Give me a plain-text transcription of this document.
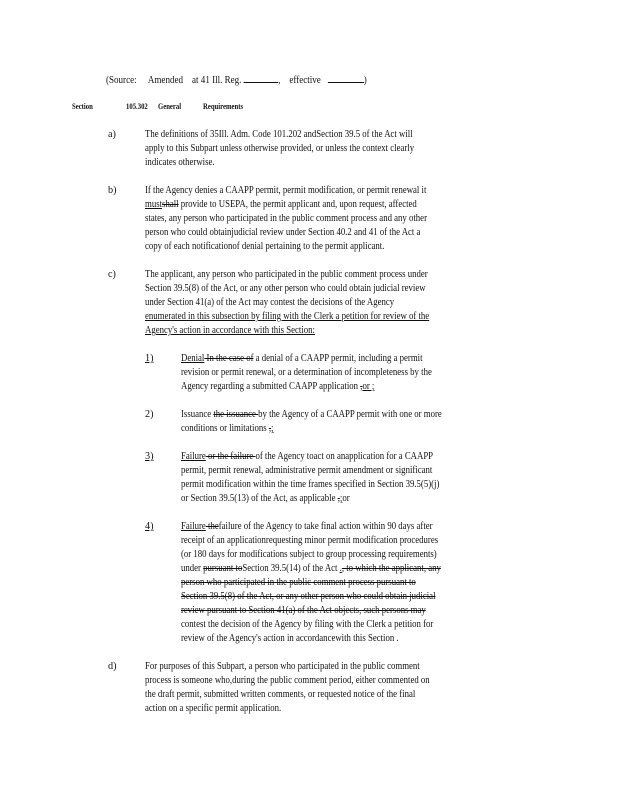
(Source: Amended at 41 Ill. Reg.	,    effective	)
Section	105.302 General	Requirements
a)	The definitions of 35Ill. Adm. Code 101.202 andSection 39.5 of the Act will
apply to this Subpart unless otherwise provided, or unless the context clearly
indicates otherwise.
b)	If the Agency denies a CAAPP permit, permit modification, or permit renewal it
mustshall provide to USEPA, the permit applicant and, upon request, affected
states, any person who participated in the public comment process and any other
person who could obtainjudicial review under Section 40.2 and 41 of the Act a
copy of each notificationof denial pertaining to the permit applicant.
c)	The applicant, any person who participated in the public comment process under
Section 39.5(8) of the Act, or any other person who could obtain judicial review
under Section 41(a) of the Act may contest the decisions of the Agency
enumerated in this subsection by filing with the Clerk a petition for review of the
Agency's action in accordance with this Section:
1)	Denial In the case of a denial of a CAAPP permit, including a permit
revision or permit renewal, or a determination of incompleteness by the
Agency regarding a submitted CAAPP application ,or ;
2)	Issuance the issuance by the Agency of a CAAPP permit with one or more
conditions or limitations ,;
3)	Failure or the failure of the Agency toact on anapplication for a CAAPP
permit, permit renewal, administrative permit amendment or significant
permit modification within the time frames specified in Section 39.5(5)(j)
or Section 39.5(13) of the Act, as applicable ,;or
4)	Failure thefailure of the Agency to take final action within 90 days after
receipt of an applicationrequesting minor permit modification procedures
(or 180 days for modifications subject to group processing requirements)
under pursuant toSection 39.5(14) of the Act ., to which the applicant, any
person who participated in the public comment process pursuant to
Section 39.5(8) of the Act, or any other person who could obtain judicial
review pursuant to Section 41(a) of the Act objects, such persons may
contest the decision of the Agency by filing with the Clerk a petition for
review of the Agency's action in accordancewith this Section .
d)	For purposes of this Subpart, a person who participated in the public comment
process is someone who,during the public comment period, either commented on
the draft permit, submitted written comments, or requested notice of the final
action on a specific permit application.
